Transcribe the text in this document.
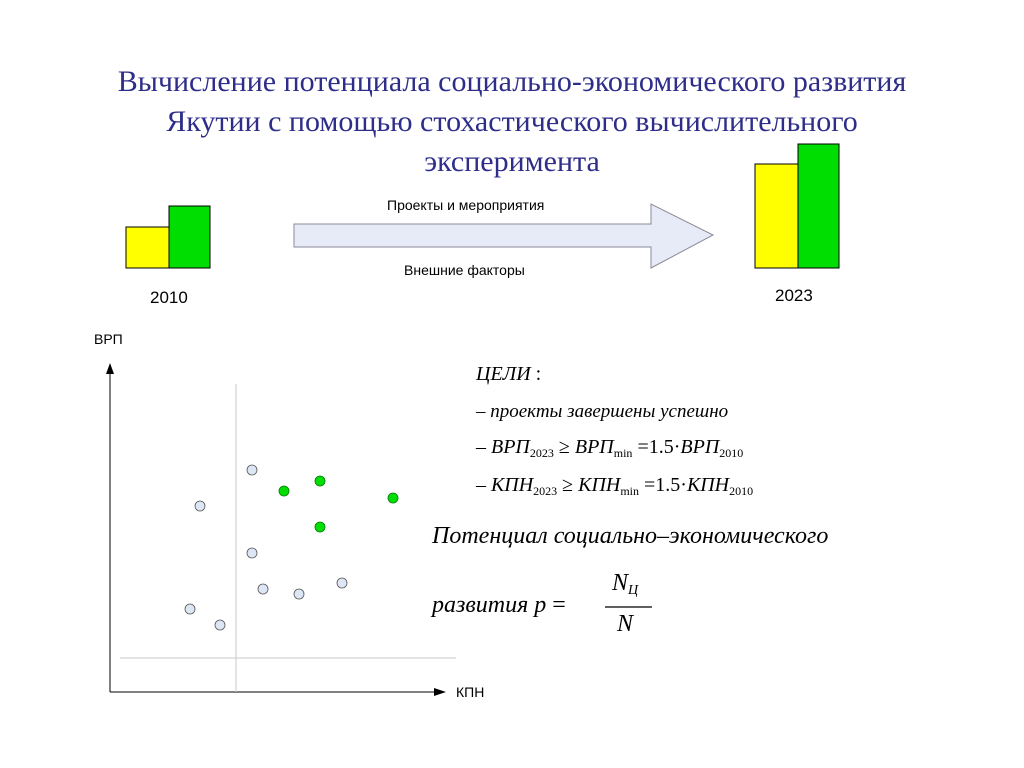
Вычисление потенциала социально-экономического развития
Якутии с помощью стохастического вычислительного
эксперимента
2010	2023
Проекты и мероприятия
Внешние факторы
ВРП
КПН
ЦЕЛИ :
– проекты завершены успешно
– $ВРП_{2023} \ge ВРП_{min} =1.5\cdot ВРП_{2010}$
– $КПН_{2023} \ge КПН_{min} =1.5\cdot КПН_{2010}$
Потенциал социально–экономического
развития p =
$N_Ц$
N
